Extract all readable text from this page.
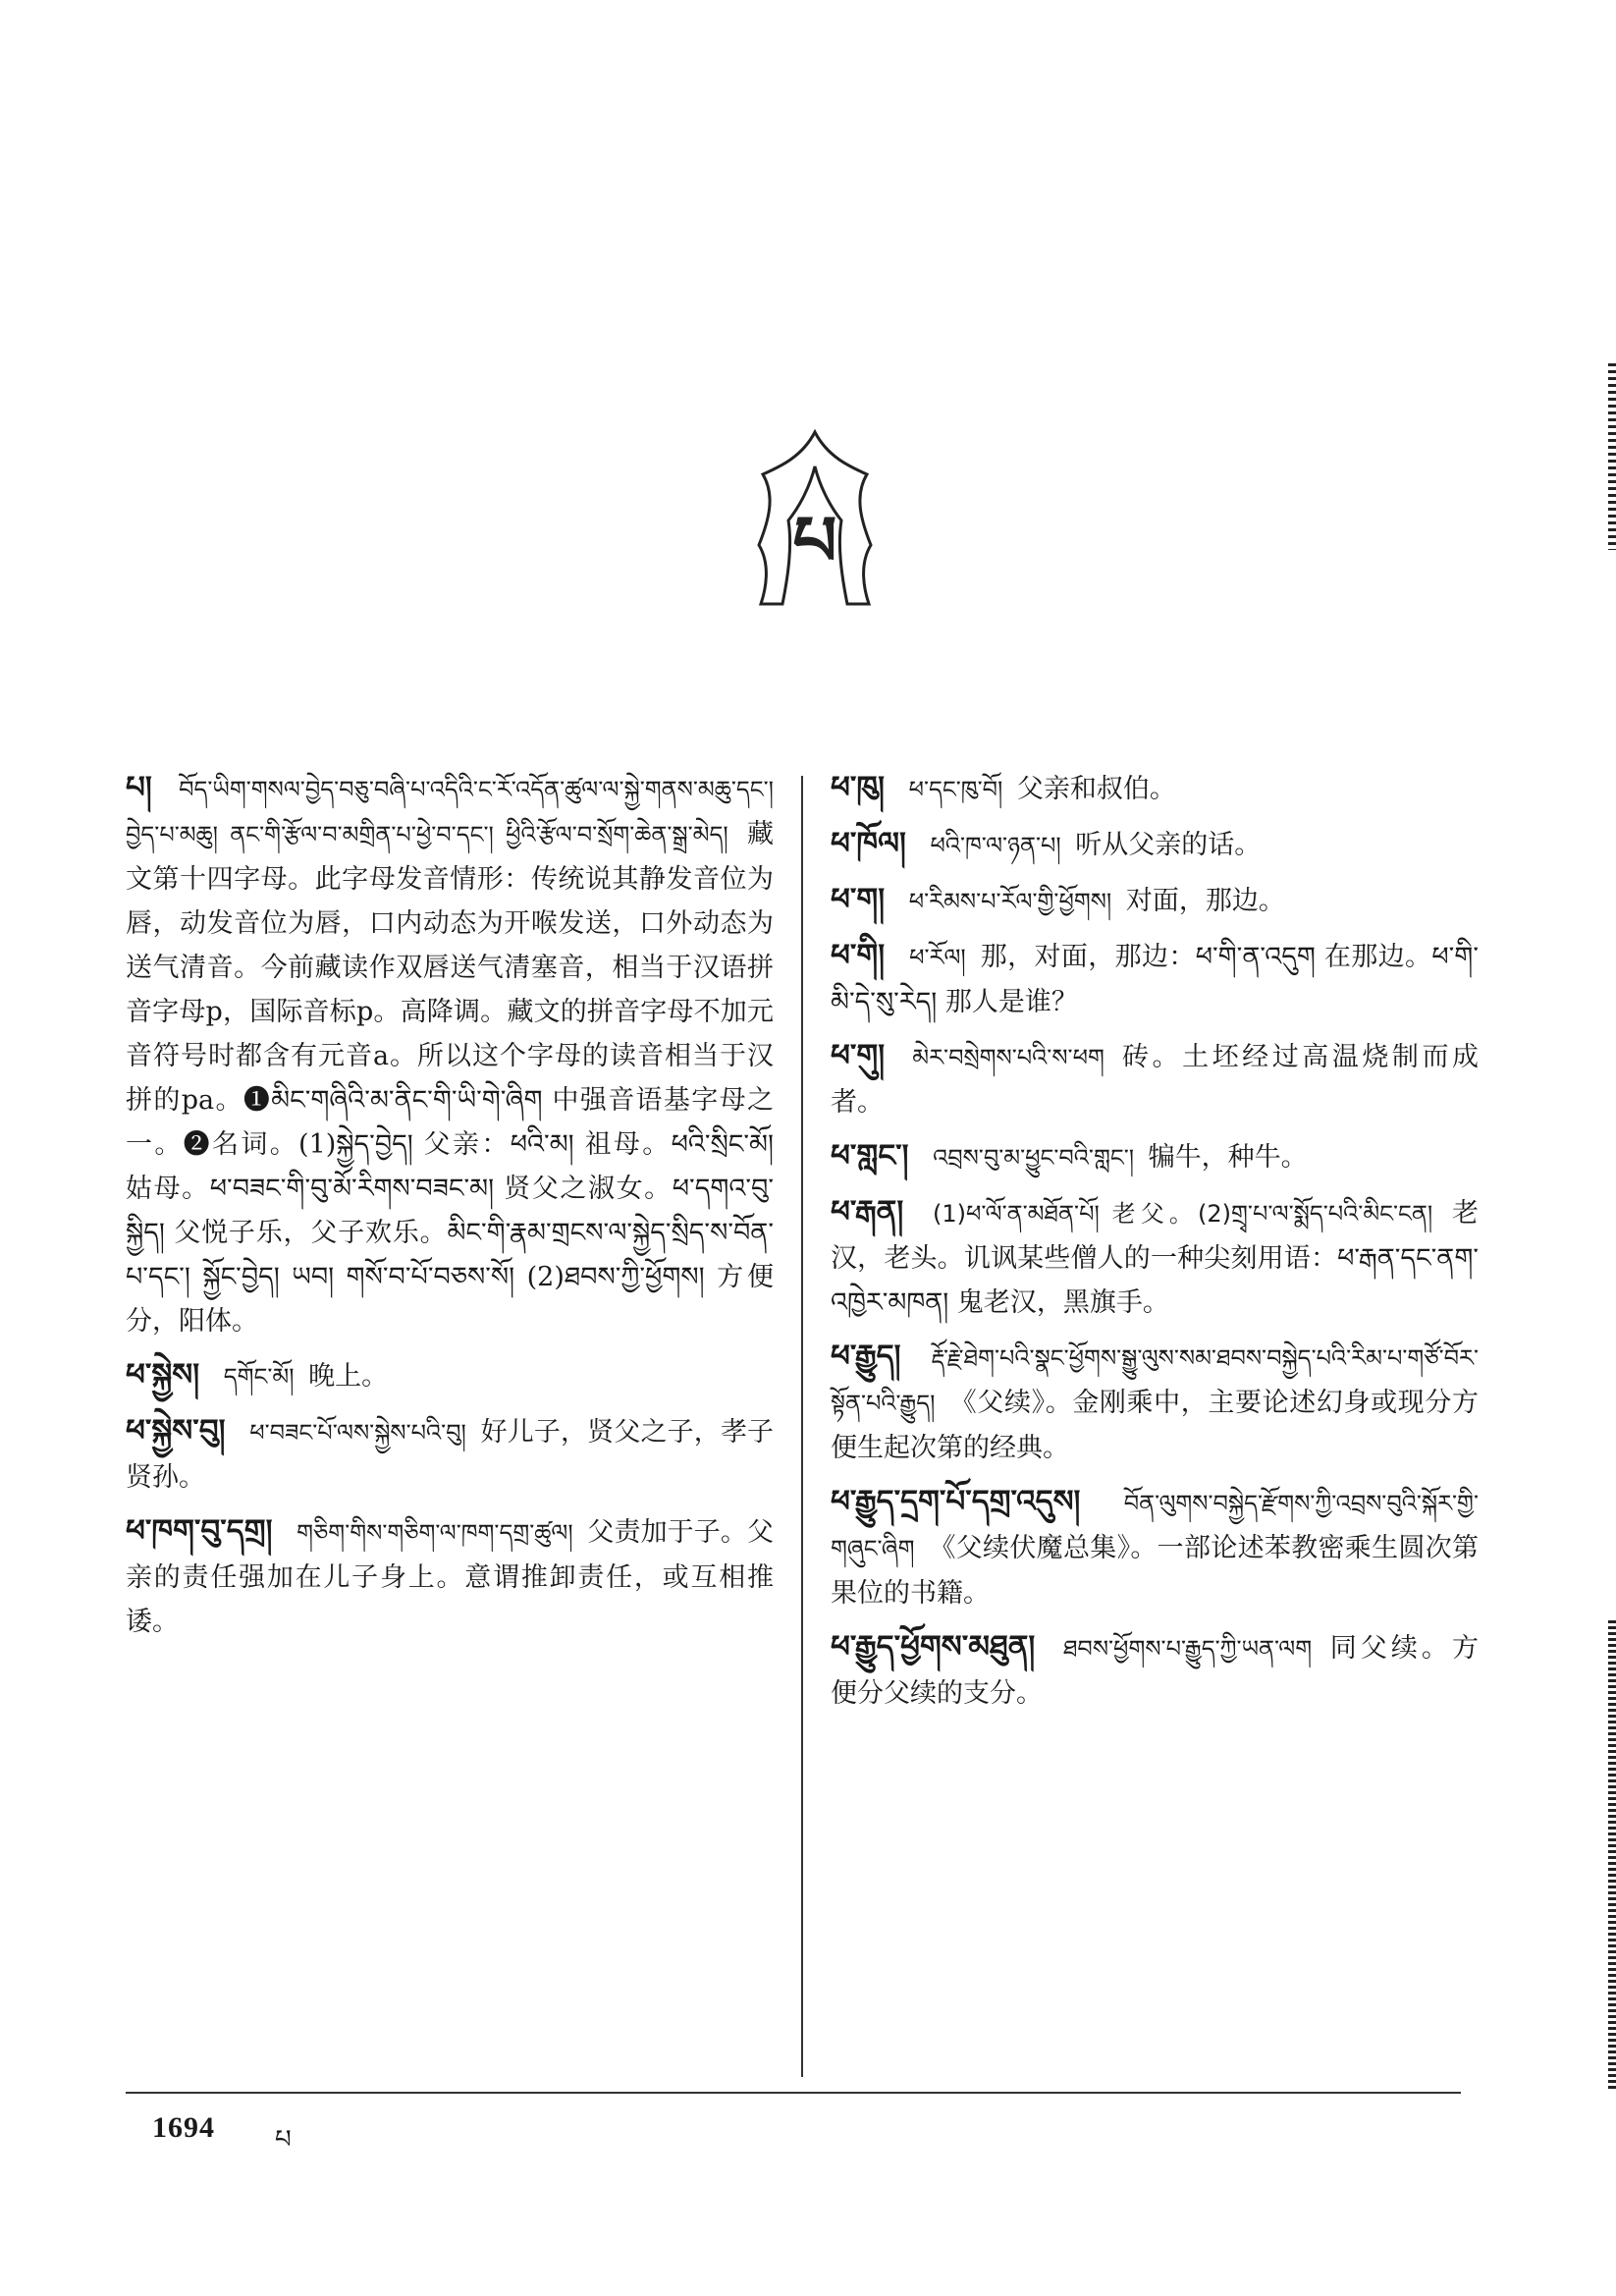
པ
པ། བོད་ཡིག་གསལ་བྱེད་བཅུ་བཞི་པ་འདིའི་ང་རོ་འདོན་ཚུལ་ལ་སྐྱེ་གནས་མཆུ་དང་། བྱེད་པ་མཆུ། ནང་གི་རྩོལ་བ་མགྲིན་པ་ཕྱེ་བ་དང་། ཕྱིའི་རྩོལ་བ་སྲོག་ཆེན་སྒྲ་མེད། 藏文第十四字母。此字母发音情形：传统说其静发音位为唇，动发音位为唇，口内动态为开喉发送，口外动态为送气清音。今前藏读作双唇送气清塞音，相当于汉语拼音字母p，国际音标p。高降调。藏文的拼音字母不加元音符号时都含有元音a。所以这个字母的读音相当于汉拼的pa。❶མིང་གཞིའི་མ་ནིང་གི་ཡི་གེ་ཞིག 中强音语基字母之一。❷名词。(1)སྐྱེད་བྱེད། 父亲：ཕའི་མ། 祖母。ཕའི་སྲིང་མོ། 姑母。ཕ་བཟང་གི་བུ་མོ་རིགས་བཟང་མ། 贤父之淑女。ཕ་དགའ་བུ་སྐྱིད། 父悦子乐，父子欢乐。མིང་གི་རྣམ་གྲངས་ལ་སྐྱེད་སྲིད་ས་བོན་པ་དང་། སྐྱོང་བྱེད། ཡབ། གསོ་བ་པོ་བཅས་སོ། (2)ཐབས་ཀྱི་ཕྱོགས། 方便分，阳体。
ཕ་སྐྱེས། དགོང་མོ། 晚上。
ཕ་སྐྱེས་བུ། ཕ་བཟང་པོ་ལས་སྐྱེས་པའི་བུ། 好儿子，贤父之子，孝子贤孙。
ཕ་ཁག་བུ་དགྲ། གཅིག་གིས་གཅིག་ལ་ཁག་དགྲ་ཚུལ། 父责加于子。父亲的责任强加在儿子身上。意谓推卸责任，或互相推诿。
ཕ་ཁུ། ཕ་དང་ཁུ་བོ། 父亲和叔伯。
ཕ་ཁོལ། ཕའི་ཁ་ལ་ཉན་པ། 听从父亲的话。
ཕ་ག། ཕ་རིམས་པ་རོལ་གྱི་ཕྱོགས། 对面，那边。
ཕ་གི། ཕ་རོལ། 那，对面，那边：ཕ་གི་ན་འདུག 在那边。ཕ་གི་མི་དེ་སུ་རེད། 那人是谁？
ཕ་གུ། མེར་བསྲེགས་པའི་ས་ཕག 砖。土坯经过高温烧制而成者。
ཕ་གླང་། འབྲས་བུ་མ་ཕྱུང་བའི་གླང་། 犏牛，种牛。
ཕ་རྒན། (1)ཕ་ལོ་ན་མཐོན་པོ། 老父。(2)གྲྭ་པ་ལ་སྨོད་པའི་མིང་ངན། 老汉，老头。讥讽某些僧人的一种尖刻用语：ཕ་རྒན་དང་ནག་འཁྱེར་མཁན། 鬼老汉，黑旗手。
ཕ་རྒྱུད། རྡོ་རྗེ་ཐེག་པའི་སྣང་ཕྱོགས་སྒྱུ་ལུས་སམ་ཐབས་བསྐྱེད་པའི་རིམ་པ་གཙོ་བོར་སྟོན་པའི་རྒྱུད། 《父续》。金刚乘中，主要论述幻身或现分方便生起次第的经典。
ཕ་རྒྱུད་དྲག་པོ་དགྲ་འདུས། བོན་ལུགས་བསྐྱེད་རྫོགས་ཀྱི་འབྲས་བུའི་སྐོར་གྱི་གཞུང་ཞིག 《父续伏魔总集》。一部论述苯教密乘生圆次第果位的书籍。
ཕ་རྒྱུད་ཕྱོགས་མཐུན། ཐབས་ཕྱོགས་པ་རྒྱུད་ཀྱི་ཡན་ལག 同父续。方便分父续的支分。
1694 པ
